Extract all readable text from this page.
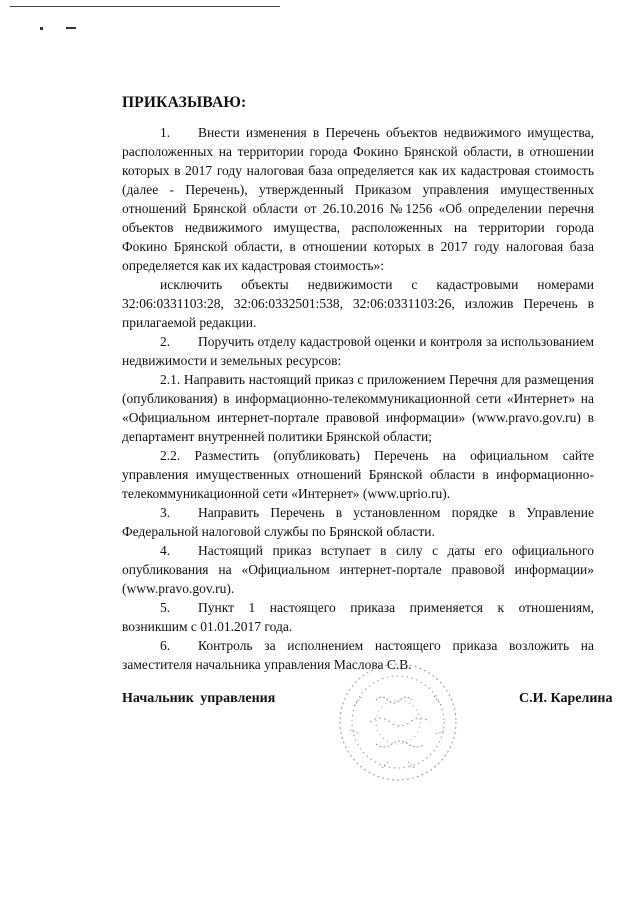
ПРИКАЗЫВАЮ:

1. Внести изменения в Перечень объектов недвижимого имущества, расположенных на территории города Фокино Брянской области, в отношении которых в 2017 году налоговая база определяется как их кадастровая стоимость (далее - Перечень), утвержденный Приказом управления имущественных отношений Брянской области от 26.10.2016 №1256 «Об определении перечня объектов недвижимого имущества, расположенных на территории города Фокино Брянской области, в отношении которых в 2017 году налоговая база определяется как их кадастровая стоимость»:

исключить объекты недвижимости с кадастровыми номерами 32:06:0331103:28, 32:06:0332501:538, 32:06:0331103:26, изложив Перечень в прилагаемой редакции.

2. Поручить отделу кадастровой оценки и контроля за использованием недвижимости и земельных ресурсов:

2.1. Направить настоящий приказ с приложением Перечня для размещения (опубликования) в информационно-телекоммуникационной сети «Интернет» на «Официальном интернет-портале правовой информации» (www.pravo.gov.ru) в департамент внутренней политики Брянской области;

2.2. Разместить (опубликовать) Перечень на официальном сайте управления имущественных отношений Брянской области в информационно-телекоммуникационной сети «Интернет» (www.uprio.ru).

3. Направить Перечень в установленном порядке в Управление Федеральной налоговой службы по Брянской области.

4. Настоящий приказ вступает в силу с даты его официального опубликования на «Официальном интернет-портале правовой информации» (www.pravo.gov.ru).

5. Пункт 1 настоящего приказа применяется к отношениям, возникшим с 01.01.2017 года.

6. Контроль за исполнением настоящего приказа возложить на заместителя начальника управления Маслова С.В.

Начальник управления	С.И. Карелина
